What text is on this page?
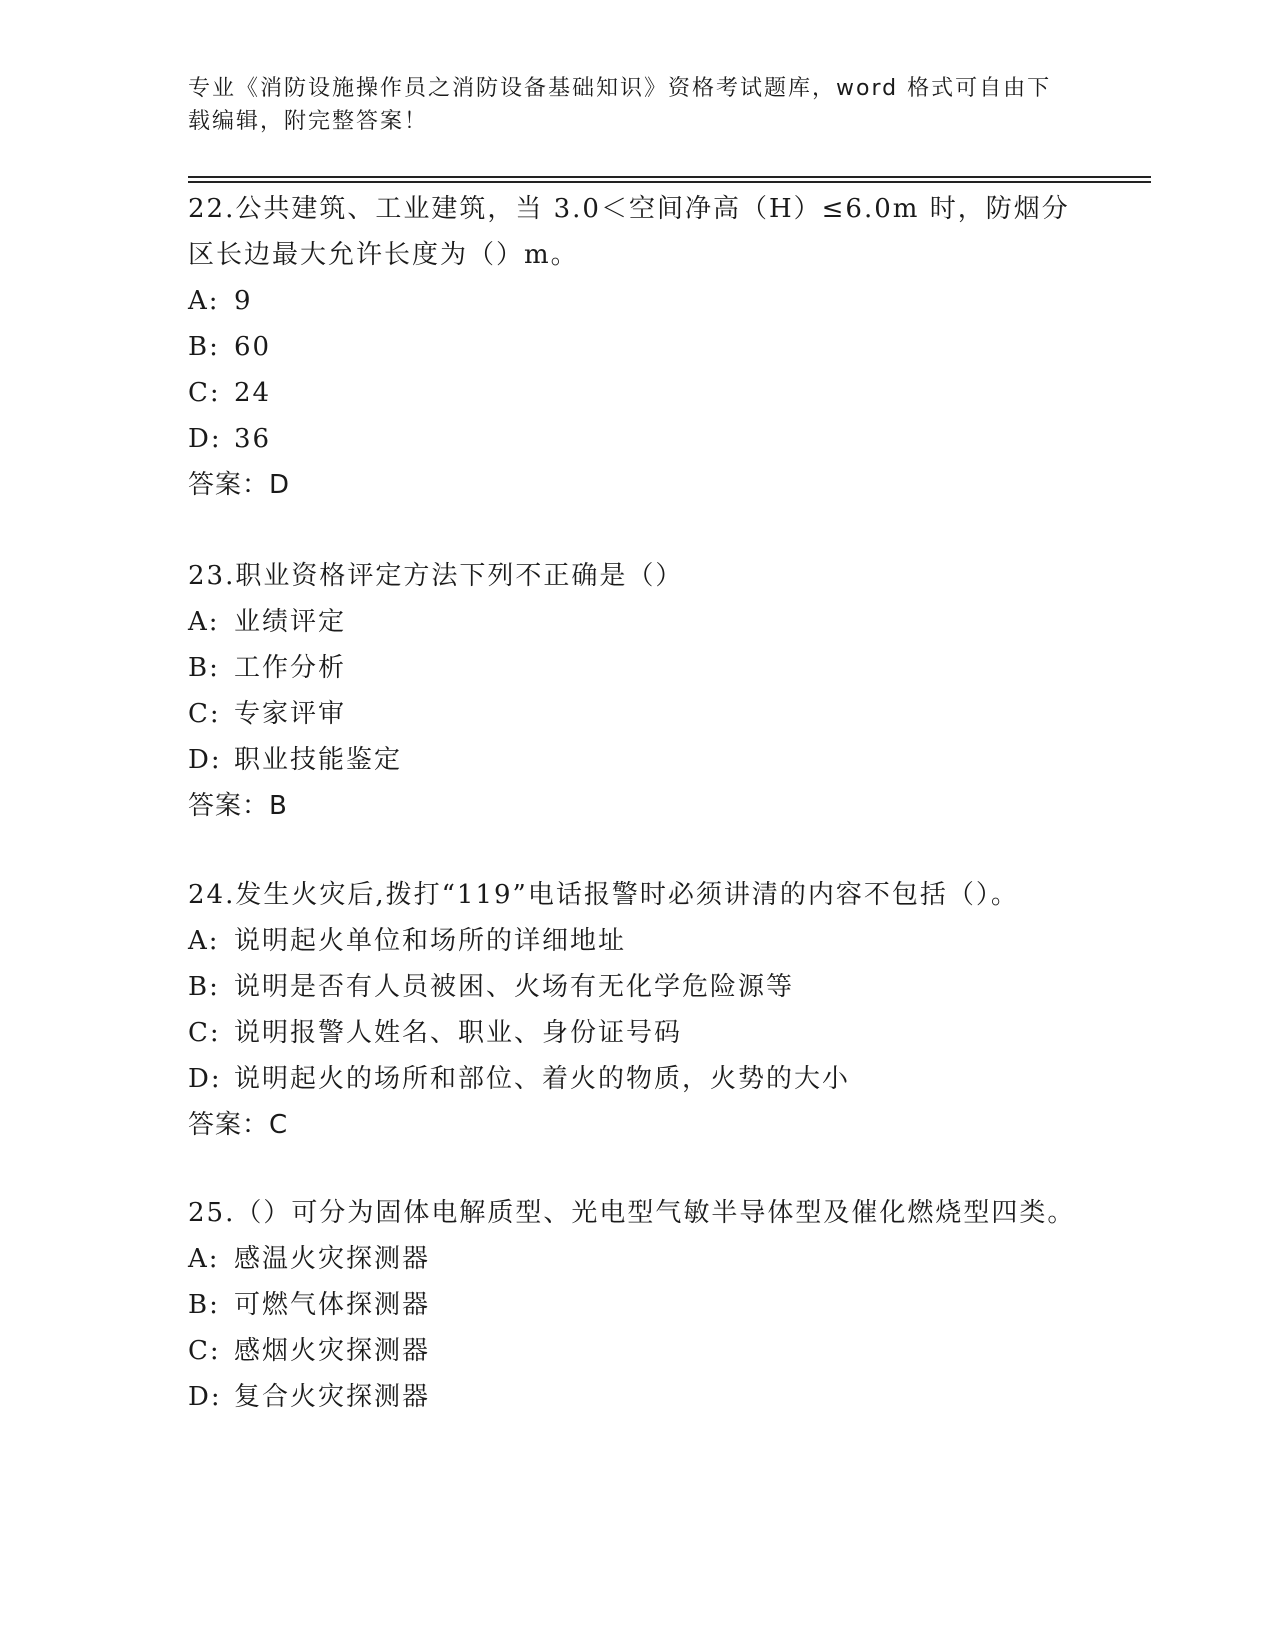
专业《消防设施操作员之消防设备基础知识》资格考试题库，word 格式可自由下载编辑，附完整答案！

22.公共建筑、工业建筑，当 3.0＜空间净高（H）≤6.0m 时，防烟分区长边最大允许长度为（）m。

A: 9

B: 60

C: 24

D: 36

答案：D

23.职业资格评定方法下列不正确是（）

A: 业绩评定

B: 工作分析

C: 专家评审

D: 职业技能鉴定

答案：B

24.发生火灾后,拨打“119”电话报警时必须讲清的内容不包括（）。

A: 说明起火单位和场所的详细地址

B: 说明是否有人员被困、火场有无化学危险源等

C: 说明报警人姓名、职业、身份证号码

D: 说明起火的场所和部位、着火的物质，火势的大小

答案：C

25.（）可分为固体电解质型、光电型气敏半导体型及催化燃烧型四类。

A: 感温火灾探测器

B: 可燃气体探测器

C: 感烟火灾探测器

D: 复合火灾探测器
